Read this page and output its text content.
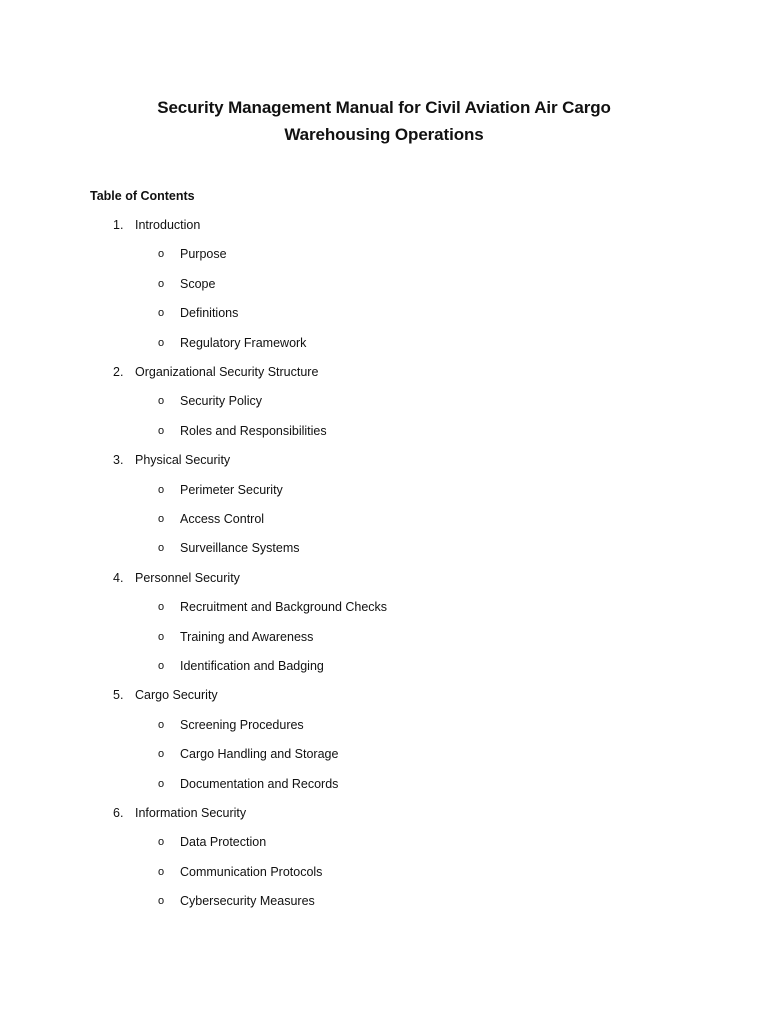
Security Management Manual for Civil Aviation Air Cargo
Warehousing Operations
Table of Contents
1. Introduction
o Purpose
o Scope
o Definitions
o Regulatory Framework
2. Organizational Security Structure
o Security Policy
o Roles and Responsibilities
3. Physical Security
o Perimeter Security
o Access Control
o Surveillance Systems
4. Personnel Security
o Recruitment and Background Checks
o Training and Awareness
o Identification and Badging
5. Cargo Security
o Screening Procedures
o Cargo Handling and Storage
o Documentation and Records
6. Information Security
o Data Protection
o Communication Protocols
o Cybersecurity Measures
